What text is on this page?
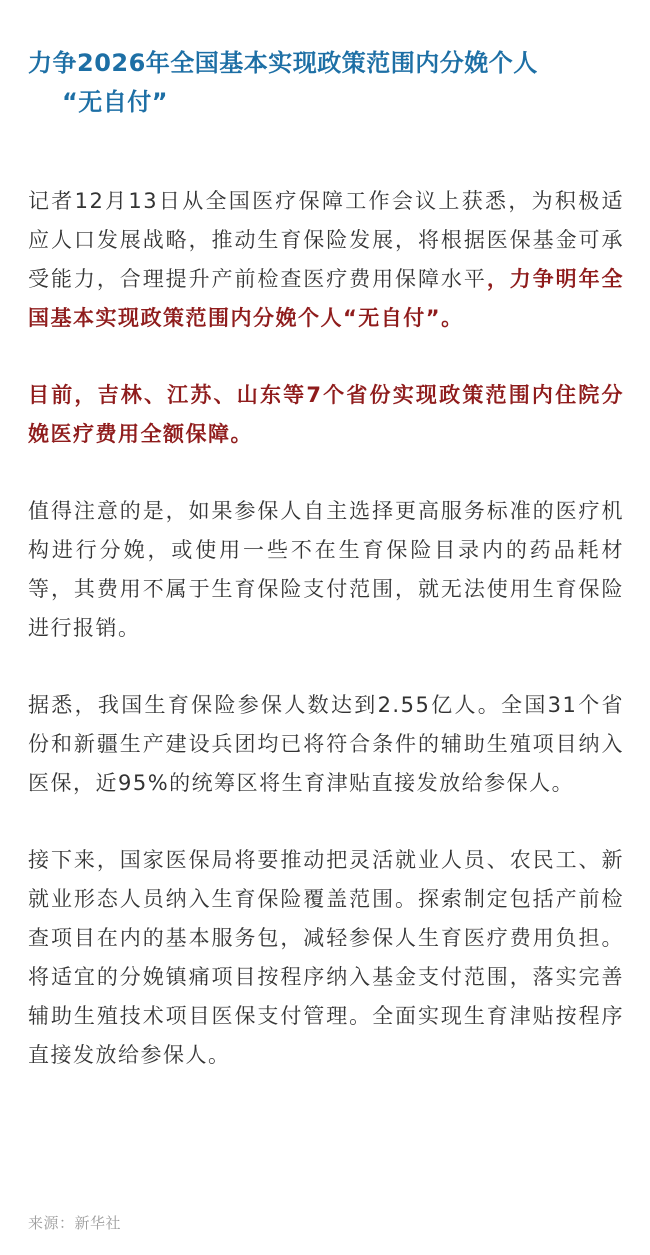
力争2026年全国基本实现政策范围内分娩个人
“无自付”

记者12月13日从全国医疗保障工作会议上获悉，为积极适应人口发展战略，推动生育保险发展，将根据医保基金可承受能力，合理提升产前检查医疗费用保障水平，力争明年全国基本实现政策范围内分娩个人“无自付”。

目前，吉林、江苏、山东等7个省份实现政策范围内住院分娩医疗费用全额保障。

值得注意的是，如果参保人自主选择更高服务标准的医疗机构进行分娩，或使用一些不在生育保险目录内的药品耗材等，其费用不属于生育保险支付范围，就无法使用生育保险进行报销。

据悉，我国生育保险参保人数达到2.55亿人。全国31个省份和新疆生产建设兵团均已将符合条件的辅助生殖项目纳入医保，近95%的统筹区将生育津贴直接发放给参保人。

接下来，国家医保局将要推动把灵活就业人员、农民工、新就业形态人员纳入生育保险覆盖范围。探索制定包括产前检查项目在内的基本服务包，减轻参保人生育医疗费用负担。将适宜的分娩镇痛项目按程序纳入基金支付范围，落实完善辅助生殖技术项目医保支付管理。全面实现生育津贴按程序直接发放给参保人。

来源：新华社
